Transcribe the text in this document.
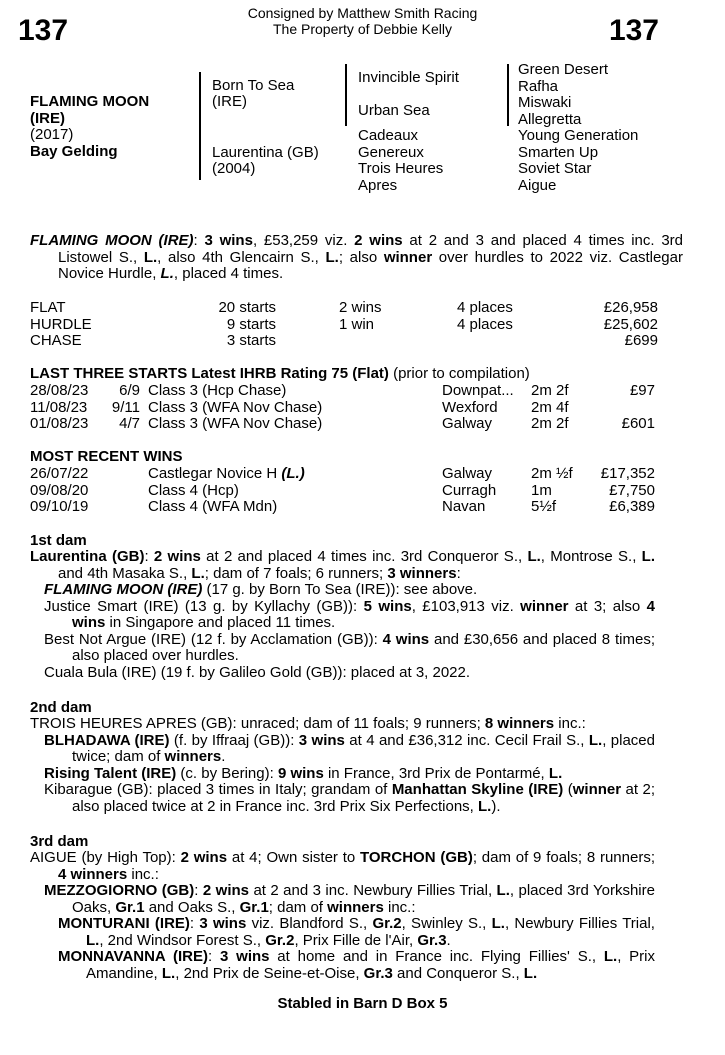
137	137
Consigned by Matthew Smith Racing
The Property of Debbie Kelly
FLAMING MOON
(IRE)
(2017)
Bay Gelding
Born To Sea
(IRE)
Laurentina (GB)
(2004)
Invincible Spirit
Urban Sea
Cadeaux
Genereux
Trois Heures
Apres
Green Desert
Rafha
Miswaki
Allegretta
Young Generation
Smarten Up
Soviet Star
Aigue
FLAMING MOON (IRE): 3 wins, £53,259 viz. 2 wins at 2 and 3 and placed 4 times inc. 3rd Listowel S., L., also 4th Glencairn S., L.; also winner over hurdles to 2022 viz. Castlegar Novice Hurdle, L., placed 4 times.
FLAT	20 starts	2 wins	4 places	£26,958
HURDLE	9 starts	1 win	4 places	£25,602
CHASE	3 starts	£699
LAST THREE STARTS Latest IHRB Rating 75 (Flat) (prior to compilation)
28/08/23	6/9 Class 3 (Hcp Chase)	Downpat... 2m 2f	£97
11/08/23	9/11 Class 3 (WFA Nov Chase)	Wexford 2m 4f
01/08/23	4/7 Class 3 (WFA Nov Chase)	Galway	2m 2f	£601
MOST RECENT WINS
26/07/22	Castlegar Novice H (L.)	Galway	2m ½f £17,352
09/08/20	Class 4 (Hcp)	Curragh 1m	£7,750
09/10/19	Class 4 (WFA Mdn)	Navan	5½f	£6,389
1st dam

Laurentina (GB): 2 wins at 2 and placed 4 times inc. 3rd Conqueror S., L., Montrose S., L. and 4th Masaka S., L.; dam of 7 foals; 6 runners; 3 winners:

FLAMING MOON (IRE) (17 g. by Born To Sea (IRE)): see above.

Justice Smart (IRE) (13 g. by Kyllachy (GB)): 5 wins, £103,913 viz. winner at 3; also 4 wins in Singapore and placed 11 times.

Best Not Argue (IRE) (12 f. by Acclamation (GB)): 4 wins and £30,656 and placed 8 times; also placed over hurdles.

Cuala Bula (IRE) (19 f. by Galileo Gold (GB)): placed at 3, 2022.

2nd dam

TROIS HEURES APRES (GB): unraced; dam of 11 foals; 9 runners; 8 winners inc.:

BLHADAWA (IRE) (f. by Iffraaj (GB)): 3 wins at 4 and £36,312 inc. Cecil Frail S., L., placed twice; dam of winners.

Rising Talent (IRE) (c. by Bering): 9 wins in France, 3rd Prix de Pontarmé, L.

Kibarague (GB): placed 3 times in Italy; grandam of Manhattan Skyline (IRE) (winner at 2; also placed twice at 2 in France inc. 3rd Prix Six Perfections, L.).

3rd dam

AIGUE (by High Top): 2 wins at 4; Own sister to TORCHON (GB); dam of 9 foals; 8 runners; 4 winners inc.:

MEZZOGIORNO (GB): 2 wins at 2 and 3 inc. Newbury Fillies Trial, L., placed 3rd Yorkshire Oaks, Gr.1 and Oaks S., Gr.1; dam of winners inc.:

MONTURANI (IRE): 3 wins viz. Blandford S., Gr.2, Swinley S., L., Newbury Fillies Trial, L., 2nd Windsor Forest S., Gr.2, Prix Fille de l'Air, Gr.3.

MONNAVANNA (IRE): 3 wins at home and in France inc. Flying Fillies' S., L., Prix Amandine, L., 2nd Prix de Seine-et-Oise, Gr.3 and Conqueror S., L.

Stabled in Barn D Box 5
